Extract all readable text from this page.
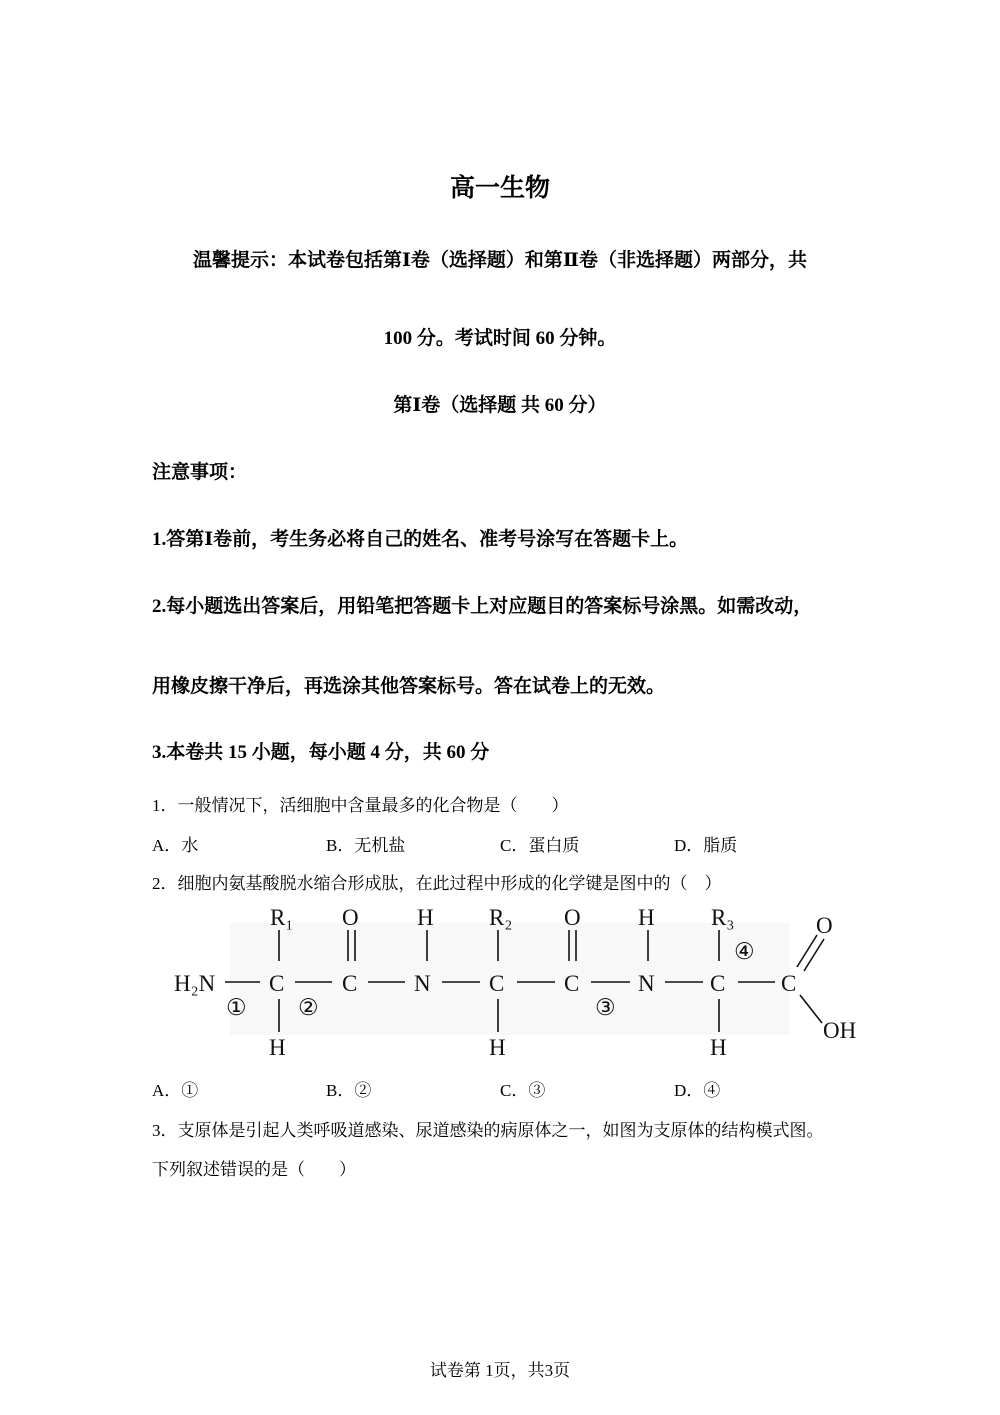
高一生物
温馨提示：本试卷包括第Ⅰ卷（选择题）和第Ⅱ卷（非选择题）两部分，共
100 分。考试时间 60 分钟。
第Ⅰ卷（选择题 共 60 分）
注意事项：
1.答第Ⅰ卷前，考生务必将自己的姓名、准考号涂写在答题卡上。
2.每小题选出答案后，用铅笔把答题卡上对应题目的答案标号涂黑。如需改动，
用橡皮擦干净后，再选涂其他答案标号。答在试卷上的无效。
3.本卷共 15 小题，每小题 4 分，共 60 分
1．一般情况下，活细胞中含量最多的化合物是（　　）
A．水	B．无机盐	C．蛋白质	D．脂质
2．细胞内氨基酸脱水缩合形成肽，在此过程中形成的化学键是图中的（　）
H₂N C	C N	C	C	N C C
R₁ O	H R₂ O H R₃	O
H	H	H
OH
① ②	③
④
A．①	B．②	C．③	D．④
3．支原体是引起人类呼吸道感染、尿道感染的病原体之一，如图为支原体的结构模式图。
下列叙述错误的是（　　）
试卷第 1页，共3页
